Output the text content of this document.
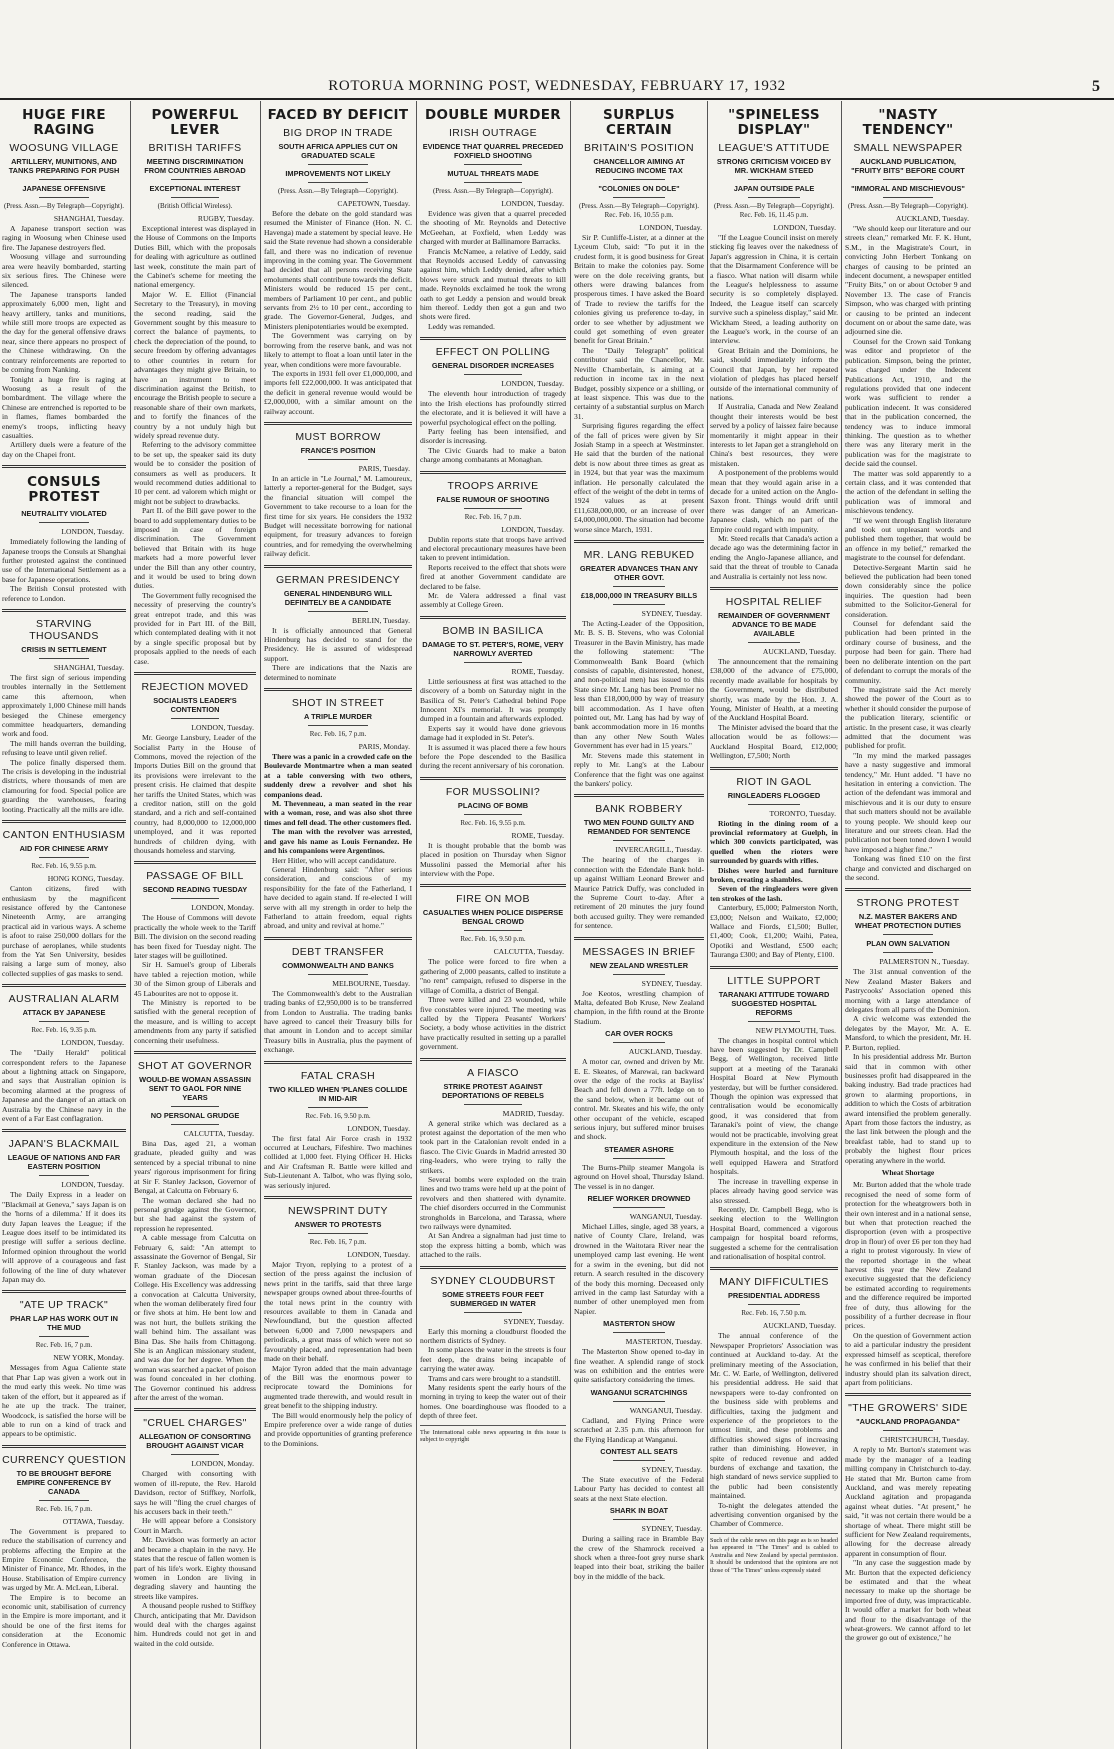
ROTORUA MORNING POST, WEDNESDAY, FEBRUARY 17, 1932	5
HUGE FIRE RAGING
WOOSUNG VILLAGE
ARTILLERY, MUNITIONS, AND TANKS PREPARING FOR PUSH
JAPANESE OFFENSIVE
(Press. Assn.—By Telegraph—Copyright).
SHANGHAI, Tuesday.

A Japanese transport section was raging in Woosung when Chinese used fire. The Japanese destroyers fled.

Woosung village and surrounding area were heavily bombarded, starting six serious fires. The Chinese were silenced.

The Japanese transports landed approximately 6,000 men, light and heavy artillery, tanks and munitions, while still more troops are expected as the day for the general offensive draws near, since there appears no prospect of the Chinese withdrawing. On the contrary reinforcements are reported to be coming from Nanking.

Tonight a huge fire is raging at Woosung as a result of the bombardment. The village where the Chinese are entrenched is reported to be in flames, flames bombarded the enemy's troops, inflicting heavy casualties.

Artillery duels were a feature of the day on the Chapei front.

CONSULS PROTEST
NEUTRALITY VIOLATED
LONDON, Tuesday.

Immediately following the landing of Japanese troops the Consuls at Shanghai further protested against the continued use of the International Settlement as a base for Japanese operations.

The British Consul protested with reference to London.

STARVING THOUSANDS
CRISIS IN SETTLEMENT
SHANGHAI, Tuesday.

The first sign of serious impending troubles internally in the Settlement came this afternoon, when approximately 1,000 Chinese mill hands besieged the Chinese emergency committee headquarters, demanding work and food.

The mill hands overran the building, refusing to leave until given relief.

The police finally dispersed them. The crisis is developing in the industrial districts, where thousands of men are clamouring for food. Special police are guarding the warehouses, fearing looting. Practically all the mills are idle.

CANTON ENTHUSIASM
AID FOR CHINESE ARMY
Rec. Feb. 16, 9.55 p.m.
HONG KONG, Tuesday.

Canton citizens, fired with enthusiasm by the magnificent resistance offered by the Cantonese Nineteenth Army, are arranging practical aid in various ways. A scheme is afoot to raise 250,000 dollars for the purchase of aeroplanes, while students from the Yat Sen University, besides raising a large sum of money, also collected supplies of gas masks to send.

AUSTRALIAN ALARM
ATTACK BY JAPANESE
Rec. Feb. 16, 9.35 p.m.
LONDON, Tuesday.

The "Daily Herald" political correspondent refers to the Japanese about a lightning attack on Singapore, and says that Australian opinion is becoming alarmed at the progress of Japanese and the danger of an attack on Australia by the Chinese navy in the event of a Far East conflagration.

JAPAN'S BLACKMAIL
LEAGUE OF NATIONS AND FAR EASTERN POSITION
LONDON, Tuesday.

The Daily Express in a leader on "Blackmail at Geneva," says Japan is on the 'horns of a dilemma.' If it does its duty Japan leaves the League; if the League does itself to be intimidated its prestige will suffer a serious decline. Informed opinion throughout the world will approve of a courageous and fast following of the line of duty whatever Japan may do.

"ATE UP TRACK"
PHAR LAP HAS WORK OUT IN THE MUD
Rec. Feb. 16, 7 p.m.
NEW YORK, Monday.

Messages from Agua Caliente state that Phar Lap was given a work out in the mud early this week. No time was taken of the effort, but it appeared as if he ate up the track. The trainer, Woodcock, is satisfied the horse will be able to run on a kind of track and appears to be optimistic.

CURRENCY QUESTION
TO BE BROUGHT BEFORE EMPIRE CONFERENCE BY CANADA
Rec. Feb. 16, 7 p.m.
OTTAWA, Tuesday.

The Government is prepared to reduce the stabilisation of currency and problems affecting the Empire at the Empire Economic Conference, the Minister of Finance, Mr. Rhodes, in the House. Stabilisation of Empire currency was urged by Mr. A. McLean, Liberal.

The Empire is to become an economic unit, stabilisation of currency in the Empire is more important, and it should be one of the first items for consideration at the Economic Conference in Ottawa.

POWERFUL LEVER
BRITISH TARIFFS
MEETING DISCRIMINATION FROM COUNTRIES ABROAD
EXCEPTIONAL INTEREST
(British Official Wireless).
RUGBY, Tuesday.

Exceptional interest was displayed in the House of Commons on the Imports Duties Bill, which with the proposals for dealing with agriculture as outlined last week, constitute the main part of the Cabinet's scheme for meeting the national emergency.

Major W. E. Elliot (Financial Secretary to the Treasury), in moving the second reading, said the Government sought by this measure to correct the balance of payments, to check the depreciation of the pound, to secure freedom by offering advantages to other countries in return for advantages they might give Britain, to have an instrument to meet discrimination against the British, to encourage the British people to secure a reasonable share of their own markets, and to fortify the finances of the country by a not unduly high but widely spread revenue duty.

Referring to the advisory committee to be set up, the speaker said its duty would be to consider the position of consumers as well as producers. It would recommend duties additional to 10 per cent. ad valorem which might or might not be subject to drawbacks.

Part II. of the Bill gave power to the board to add supplementary duties to be imposed in case of foreign discrimination. The Government believed that Britain with its huge markets had a more powerful lever under the Bill than any other country, and it would be used to bring down duties.

The Government fully recognised the necessity of preserving the country's great entrepot trade, and this was provided for in Part III. of the Bill, which contemplated dealing with it not by a single specific proposal but by proposals applied to the needs of each case.

REJECTION MOVED
SOCIALISTS LEADER'S CONTENTION
LONDON, Tuesday.

Mr. George Lansbury, Leader of the Socialist Party in the House of Commons, moved the rejection of the Imports Duties Bill on the ground that its provisions were irrelevant to the present crisis. He claimed that despite her tariffs the United States, which was a creditor nation, still on the gold standard, and a rich and self-contained country, had 8,000,000 to 12,000,000 unemployed, and it was reported hundreds of children dying, with thousands homeless and starving.

PASSAGE OF BILL
SECOND READING TUESDAY
LONDON, Monday.

The House of Commons will devote practically the whole week to the Tariff Bill. The division on the second reading has been fixed for Tuesday night. The later stages will be guillotined.

Sir H. Samuel's group of Liberals have tabled a rejection motion, while 30 of the Simon group of Liberals and 45 Labourites are not to oppose it.

The Ministry is reported to be satisfied with the general reception of the measure, and is willing to accept amendments from any party if satisfied concerning their usefulness.

SHOT AT GOVERNOR
WOULD-BE WOMAN ASSASSIN SENT TO GAOL FOR NINE YEARS
NO PERSONAL GRUDGE
CALCUTTA, Tuesday.

Bina Das, aged 21, a woman graduate, pleaded guilty and was sentenced by a special tribunal to nine years' rigorous imprisonment for firing at Sir F. Stanley Jackson, Governor of Bengal, at Calcutta on February 6.

The woman declared she had no personal grudge against the Governor, but she had against the system of repression he represented.

A cable message from Calcutta on February 6, said: "An attempt to assassinate the Governor of Bengal, Sir F. Stanley Jackson, was made by a woman graduate of the Diocesan College. His Excellency was addressing a convocation at Calcutta University, when the woman deliberately fired four or five shots at him. He bent low and was not hurt, the bullets striking the wall behind him. The assailant was Bina Das. She hails from Chittagong. She is an Anglican missionary student, and was due for her degree. When the woman was searched a packet of poison was found concealed in her clothing. The Governor continued his address after the arrest of the woman.

"CRUEL CHARGES"
ALLEGATION OF CONSORTING BROUGHT AGAINST VICAR
LONDON, Monday.

Charged with consorting with women of ill-repute, the Rev. Harold Davidson, rector of Stiffkey, Norfolk, says he will "fling the cruel charges of his accusers back in their teeth."

He will appear before a Consistory Court in March.

Mr. Davidson was formerly an actor and became a chaplain in the navy. He states that the rescue of fallen women is part of his life's work. Eighty thousand women in London are living in degrading slavery and haunting the streets like vampires.

A thousand people rushed to Stiffkey Church, anticipating that Mr. Davidson would deal with the charges against him. Hundreds could not get in and waited in the cold outside.

FACED BY DEFICIT
BIG DROP IN TRADE
SOUTH AFRICA APPLIES CUT ON GRADUATED SCALE
IMPROVEMENTS NOT LIKELY
(Press. Assn.—By Telegraph—Copyright).
CAPETOWN, Tuesday.

Before the debate on the gold standard was resumed the Minister of Finance (Hon. N. C. Havenga) made a statement by special leave. He said the State revenue had shown a considerable fall, and there was no indication of revenue improving in the coming year. The Government had decided that all persons receiving State emoluments shall contribute towards the deficit. Ministers would be reduced 15 per cent., members of Parliament 10 per cent., and public servants from 2½ to 10 per cent., according to grade. The Governor-General, Judges, and Ministers plenipotentiaries would be exempted.

The Government was carrying on by borrowing from the reserve bank, and was not likely to attempt to float a loan until later in the year, when conditions were more favourable.

The exports in 1931 fell over £1,000,000, and imports fell £22,000,000. It was anticipated that the deficit in general revenue would would be £2,000,000, with a similar amount on the railway account.

MUST BORROW
FRANCE'S POSITION
PARIS, Tuesday.

In an article in "Le Journal," M. Lamoureux, latterly a reporter-general for the Budget, says the financial situation will compel the Government to take recourse to a loan for the first time for six years. He considers the 1932 Budget will necessitate borrowing for national equipment, for treasury advances to foreign countries, and for remedying the overwhelming railway deficit.

GERMAN PRESIDENCY
GENERAL HINDENBURG WILL DEFINITELY BE A CANDIDATE
BERLIN, Tuesday.

It is officially announced that General Hindenburg has decided to stand for the Presidency. He is assured of widespread support.

There are indications that the Nazis are determined to nominate

SHOT IN STREET
A TRIPLE MURDER
Rec. Feb. 16, 7 p.m.
PARIS, Monday.

There was a panic in a crowded cafe on the Boulevarde Montmartre when a man seated at a table conversing with two others, suddenly drew a revolver and shot his companions dead.

M. Thevenneau, a man seated in the rear with a woman, rose, and was also shot three times and fell dead. The other customers fled.

The man with the revolver was arrested, and gave his name as Louis Fernandez. He and his companions were Argentinos.

Herr Hitler, who will accept candidature.

General Hindenburg said: "After serious consideration, and conscious of my responsibility for the fate of the Fatherland, I have decided to again stand. If re-elected I will serve with all my strength in order to help the Fatherland to attain freedom, equal rights abroad, and unity and revival at home."

DEBT TRANSFER
COMMONWEALTH AND BANKS
MELBOURNE, Tuesday.

The Commonwealth's debt to the Australian trading banks of £2,950,000 is to be transferred from London to Australia. The trading banks have agreed to cancel their Treasury bills for that amount in London and to accept similar Treasury bills in Australia, plus the payment of exchange.

FATAL CRASH
TWO KILLED WHEN 'PLANES COLLIDE IN MID-AIR
Rec. Feb. 16, 9.50 p.m.
LONDON, Tuesday.

The first fatal Air Force crash in 1932 occurred at Leuchars, Fifeshire. Two machines collided at 1,000 feet. Flying Officer H. Hicks and Air Craftsman R. Battle were killed and Sub-Lieutenant A. Talbot, who was flying solo, was seriously injured.

NEWSPRINT DUTY
ANSWER TO PROTESTS
Rec. Feb. 16, 7 p.m.
LONDON, Tuesday.

Major Tryon, replying to a protest of a section of the press against the inclusion of news print in the tariffs, said that three large newspaper groups owned about three-fourths of the total news print in the country with resources available to them in Canada and Newfoundland, but the question affected between 6,000 and 7,000 newspapers and periodicals, a great mass of which were not so favourably placed, and representation had been made on their behalf.

Major Tyron added that the main advantage of the Bill was the enormous power to reciprocate toward the Dominions for augmented trade therewith, and would result in great benefit to the shipping industry.

The Bill would enormously help the policy of Empire preference over a wide range of duties and provide opportunities of granting preference to the Dominions.

DOUBLE MURDER
IRISH OUTRAGE
EVIDENCE THAT QUARREL PRECEDED FOXFIELD SHOOTING
MUTUAL THREATS MADE
(Press. Assn.—By Telegraph—Copyright).
LONDON, Tuesday.

Evidence was given that a quarrel preceded the shooting of Mr. Reynolds and Detective McGeehan, at Foxfield, when Leddy was charged with murder at Ballinamore Barracks.

Francis McNamee, a relative of Leddy, said that Reynolds accused Leddy of canvassing against him, which Leddy denied, after which blows were struck and mutual threats to kill made. Reynolds exclaimed he took the wrong oath to get Leddy a pension and would break him thereof. Leddy then got a gun and two shots were fired.

Leddy was remanded.

EFFECT ON POLLING
GENERAL DISORDER INCREASES
LONDON, Tuesday.

The eleventh hour introduction of tragedy into the Irish elections has profoundly stirred the electorate, and it is believed it will have a powerful psychological effect on the polling.

Party feeling has been intensified, and disorder is increasing.

The Civic Guards had to make a baton charge among combatants at Monaghan.

TROOPS ARRIVE
FALSE RUMOUR OF SHOOTING
Rec. Feb. 16, 7 p.m.
LONDON, Tuesday.

Dublin reports state that troops have arrived and electoral precautionary measures have been taken to prevent intimidation.

Reports received to the effect that shots were fired at another Government candidate are declared to be false.

Mr. de Valera addressed a final vast assembly at College Green.

BOMB IN BASILICA
DAMAGE TO ST. PETER'S, ROME, VERY NARROWLY AVERTED
ROME, Tuesday.

Little seriousness at first was attached to the discovery of a bomb on Saturday night in the Basilica of St. Peter's Cathedral behind Pope Innocent XI's memorial. It was promptly dumped in a fountain and afterwards exploded.

Experts say it would have done grievous damage had it exploded in St. Peter's.

It is assumed it was placed there a few hours before the Pope descended to the Basilica during the recent anniversary of his coronation.

FOR MUSSOLINI?
PLACING OF BOMB
Rec. Feb. 16, 9.55 p.m.
ROME, Tuesday.

It is thought probable that the bomb was placed in position on Thursday when Signor Mussolini passed the Memorial after his interview with the Pope.

FIRE ON MOB
CASUALTIES WHEN POLICE DISPERSE BENGAL CROWD
Rec. Feb. 16, 9.50 p.m.
CALCUTTA, Tuesday.

The police were forced to fire when a gathering of 2,000 peasants, called to institute a "no rent" campaign, refused to disperse in the village of Comilla, a district of Bengal.

Three were killed and 23 wounded, while five constables were injured. The meeting was called by the Tippera Peasants' Workers' Society, a body whose activities in the district have practically resulted in setting up a parallel government.

A FIASCO
STRIKE PROTEST AGAINST DEPORTATIONS OF REBELS
MADRID, Tuesday.

A general strike which was declared as a protest against the deportation of the men who took part in the Catalonian revolt ended in a fiasco. The Civic Guards in Madrid arrested 30 ring-leaders, who were trying to rally the strikers.

Several bombs were exploded on the train lines and two trams were held up at the point of revolvers and then shattered with dynamite. The chief disorders occurred in the Communist strongholds in Barcelona, and Tarassa, where two railways were dynamited.

At San Andrea a signalman had just time to stop the express hitting a bomb, which was attached to the rails.

SYDNEY CLOUDBURST
SOME STREETS FOUR FEET SUBMERGED IN WATER
SYDNEY, Tuesday.

Early this morning a cloudburst flooded the northern districts of Sydney.

In some places the water in the streets is four feet deep, the drains being incapable of carrying the water away.

Trams and cars were brought to a standstill.

Many residents spent the early hours of the morning in trying to keep the water out of their homes. One boardinghouse was flooded to a depth of three feet.

The International cable news appearing in this issue is subject to copyright
SURPLUS CERTAIN
BRITAIN'S POSITION
CHANCELLOR AIMING AT REDUCING INCOME TAX
"COLONIES ON DOLE"
(Press. Assn.—By Telegraph—Copyright). Rec. Feb. 16, 10.55 p.m.
LONDON, Tuesday.

Sir P. Cunliffe-Lister, at a dinner at the Lyceum Club, said: "To put it in the crudest form, it is good business for Great Britain to make the colonies pay. Some were on the dole receiving grants, but others were drawing balances from prosperous times. I have asked the Board of Trade to review the tariffs for the colonies giving us preference to-day, in order to see whether by adjustment we could get something of even greater benefit for Great Britain."

The "Daily Telegraph" political contributor said the Chancellor, Mr. Neville Chamberlain, is aiming at a reduction in income tax in the next Budget, possibly sixpence or a shilling, or at least sixpence. This was due to the certainty of a substantial surplus on March 31.

Surprising figures regarding the effect of the fall of prices were given by Sir Josiah Stamp in a speech at Westminster. He said that the burden of the national debt is now about three times as great as in 1924, but that year was the maximum inflation. He personally calculated the effect of the weight of the debt in terms of 1924 values as at present £11,638,000,000, or an increase of over £4,000,000,000. The situation had become worse since March, 1931.

MR. LANG REBUKED
GREATER ADVANCES THAN ANY OTHER GOVT.
£18,000,000 IN TREASURY BILLS
SYDNEY, Tuesday.

The Acting-Leader of the Opposition, Mr. B. S. B. Stevens, who was Colonial Treasurer in the Bavin Ministry, has made the following statement: "The Commonwealth Bank Board (which consists of capable, disinterested, honest, and non-political men) has issued to this State since Mr. Lang has been Premier no less than £18,000,000 by way of treasury bill accommodation. As I have often pointed out, Mr. Lang has had by way of bank accommodation more in 16 months than any other New South Wales Government has ever had in 15 years."

Mr. Stevens made this statement in reply to Mr. Lang's at the Labour Conference that the fight was one against the bankers' policy.

BANK ROBBERY
TWO MEN FOUND GUILTY AND REMANDED FOR SENTENCE
INVERCARGILL, Tuesday.

The hearing of the charges in connection with the Edendale Bank hold-up against William Leonard Brewer and Maurice Patrick Duffy, was concluded in the Supreme Court to-day. After a retirement of 20 minutes the jury found both accused guilty. They were remanded for sentence.

MESSAGES IN BRIEF
NEW ZEALAND WRESTLER
SYDNEY, Tuesday.

Joe Keotos, wrestling champion of Malta, defeated Bob Kruse, New Zealand champion, in the fifth round at the Bronte Stadium.

CAR OVER ROCKS
AUCKLAND, Tuesday.

A motor car, owned and driven by Mr. E. E. Skeates, of Marewai, ran backward over the edge of the rocks at Bayliss' Beach and fell down a 77ft. ledge on to the sand below, when it became out of control. Mr. Skeates and his wife, the only other occupant of the vehicle, escaped serious injury, but suffered minor bruises and shock.

STEAMER ASHORE

The Burns-Philp steamer Mangola is aground on Hovel shoal, Thursday Island. The vessel is in no danger.

RELIEF WORKER DROWNED
WANGANUI, Tuesday.

Michael Lilles, single, aged 38 years, a native of County Clare, Ireland, was drowned in the Waitotara River near the unemployed camp last evening. He went for a swim in the evening, but did not return. A search resulted in the discovery of the body this morning. Deceased only arrived in the camp last Saturday with a number of other unemployed men from Napier.

MASTERTON SHOW
MASTERTON, Tuesday.

The Masterton Show opened to-day in fine weather. A splendid range of stock was on exhibition and the entries were quite satisfactory considering the times.

WANGANUI SCRATCHINGS
WANGANUI, Tuesday.

Cadland, and Flying Prince were scratched at 2.35 p.m. this afternoon for the Flying Handicap at Wanganui.

CONTEST ALL SEATS
SYDNEY, Tuesday.

The State executive of the Federal Labour Party has decided to contest all seats at the next State election.

SHARK IN BOAT
SYDNEY, Tuesday.

During a sailing race in Bramble Bay the crew of the Shamrock received a shock when a three-foot grey nurse shark leaped into their boat, striking the bailer boy in the middle of the back.

"SPINELESS DISPLAY"
LEAGUE'S ATTITUDE
STRONG CRITICISM VOICED BY MR. WICKHAM STEED
JAPAN OUTSIDE PALE
(Press. Assn.—By Telegraph—Copyright). Rec. Feb. 16, 11.45 p.m.
LONDON, Tuesday.

"If the League Council insist on merely sticking fig leaves over the nakedness of Japan's aggression in China, it is certain that the Disarmament Conference will be a fiasco. What nation will disarm while the League's helplessness to assume security is so completely displayed. Indeed, the League itself can scarcely survive such a spineless display," said Mr. Wickham Steed, a leading authority on the League's work, in the course of an interview.

Great Britain and the Dominions, he said, should immediately inform the Council that Japan, by her repeated violation of pledges has placed herself outside of the international community of nations.

If Australia, Canada and New Zealand thought their interests would be best served by a policy of laissez faire because momentarily it might appear in their interests to let Japan get a stranglehold on China's best resources, they were mistaken.

A postponement of the problems would mean that they would again arise in a decade for a united action on the Anglo-Saxon front. Things would drift until there was danger of an American-Japanese clash, which no part of the Empire could regard with impunity.

Mr. Steed recalls that Canada's action a decade ago was the determining factor in ending the Anglo-Japanese alliance, and said that the threat of trouble to Canada and Australia is certainly not less now.

HOSPITAL RELIEF
REMAINDER OF GOVERNMENT ADVANCE TO BE MADE AVAILABLE
AUCKLAND, Tuesday.

The announcement that the remaining £38,000 of the advance of £75,000, recently made available for hospitals by the Government, would be distributed shortly, was made by the Hon. J. A. Young, Minister of Health, at a meeting of the Auckland Hospital Board.

The Minister advised the board that the allocation would be as follows:—Auckland Hospital Board, £12,000; Wellington, £7,500; North

RIOT IN GAOL
RINGLEADERS FLOGGED
TORONTO, Tuesday.

Rioting in the dining room of a provincial reformatory at Guelph, in which 300 convicts participated, was quelled when the rioters were surrounded by guards with rifles.

Dishes were hurled and furniture broken, creating a shambles.

Seven of the ringleaders were given ten strokes of the lash.

Canterbury, £5,000; Palmerston North, £3,000; Nelson and Waikato, £2,000; Wallace and Fiords, £1,500; Buller, £1,400; Cook, £1,200; Waihi, Patea, Opotiki and Westland, £500 each; Tauranga £300; and Bay of Plenty, £100.

LITTLE SUPPORT
TARANAKI ATTITUDE TOWARD SUGGESTED HOSPITAL REFORMS
NEW PLYMOUTH, Tues.

The changes in hospital control which have been suggested by Dr. Campbell Begg, of Wellington, received little support at a meeting of the Taranaki Hospital Board at New Plymouth yesterday, but will be further considered. Though the opinion was expressed that centralisation would be economically good, it was considered that from Taranaki's point of view, the change would not be practicable, involving great expenditure in the extension of the New Plymouth hospital, and the loss of the well equipped Hawera and Stratford hospitals.

The increase in travelling expense in places already having good service was also stressed.

Recently, Dr. Campbell Begg, who is seeking election to the Wellington Hospital Board, commenced a vigorous campaign for hospital board reforms, suggested a scheme for the centralisation and rationalisation of hospital control.

MANY DIFFICULTIES
PRESIDENTIAL ADDRESS
Rec. Feb. 16, 7.50 p.m.
AUCKLAND, Tuesday.

The annual conference of the Newspaper Proprietors' Association was continued at Auckland to-day. At the preliminary meeting of the Association, Mr. C. W. Earle, of Wellington, delivered his presidential address. He said that newspapers were to-day confronted on the business side with problems and difficulties, taxing the judgment and experience of the proprietors to the utmost limit, and these problems and difficulties showed signs of increasing rather than diminishing. However, in spite of reduced revenue and added burdens of exchange and taxation, the high standard of news service supplied to the public had been consistently maintained.

To-night the delegates attended the advertising convention organised by the Chamber of Commerce.

Such of the cable news on this page as is so headed has appeared in "The Times" and is cabled to Australia and New Zealand by special permission. It should be understood that the opinions are not those of "The Times" unless expressly stated
"NASTY TENDENCY"
SMALL NEWSPAPER
AUCKLAND PUBLICATION, "FRUITY BITS" BEFORE COURT
"IMMORAL AND MISCHIEVOUS"
(Press. Assn.—By Telegraph—Copyright).
AUCKLAND, Tuesday.

"We should keep our literature and our streets clean," remarked Mr. F. K. Hunt, S.M., in the Magistrate's Court, in convicting John Herbert Tonkang on charges of causing to be printed an indecent document, a newspaper entitled "Fruity Bits," on or about October 9 and November 13. The case of Francis Simpson, who was charged with printing or causing to be printed an indecent document on or about the same date, was adjourned sine die.

Counsel for the Crown said Tonkang was editor and proprietor of the publication. Simpson, being the printer, was charged under the Indecent Publications Act, 1910, and the regulations provided that one indecent work was sufficient to render a publication indecent. It was considered that in the publication concerned, the tendency was to induce immoral thinking. The question as to whether there was any literary merit in the publication was for the magistrate to decide said the counsel.

The matter was sold apparently to a certain class, and it was contended that the action of the defendant in selling the publication was of immoral and mischievous tendency.

"If we went through English literature and took out unpleasant words and published them together, that would be an offence in my belief," remarked the magistrate to the counsel for defendant.

Detective-Sergeant Martin said he believed the publication had been toned down considerably since the police inquiries. The question had been submitted to the Solicitor-General for consideration.

Counsel for defendant said the publication had been printed in the ordinary course of business, and the purpose had been for gain. There had been no deliberate intention on the part of defendant to corrupt the morals of the community.

The magistrate said the Act merely showed the power of the Court as to whether it should consider the purpose of the publication literary, scientific or artistic. In the present case, it was clearly admitted that the document was published for profit.

"In my mind the marked passages have a nasty suggestive and immoral tendency," Mr. Hunt added. "I have no hesitation in entering a conviction. The action of the defendant was immoral and mischievous and it is our duty to ensure that such matters should not be available to young people. We should keep our literature and our streets clean. Had the publication not been toned down I would have imposed a higher fine."

Tonkang was fined £10 on the first charge and convicted and discharged on the second.

STRONG PROTEST
N.Z. MASTER BAKERS AND WHEAT PROTECTION DUTIES
PLAN OWN SALVATION
PALMERSTON N., Tuesday.

The 31st annual convention of the New Zealand Master Bakers and Pastrycooks' Association opened this morning with a large attendance of delegates from all parts of the Dominion.

A civic welcome was extended the delegates by the Mayor, Mr. A. E. Mansford, to which the president, Mr. H. P. Burton, replied.

In his presidential address Mr. Burton said that in common with other businesses profit had disappeared in the baking industry. Bad trade practices had grown to alarming proportions, in addition to which the Costs of arbitration award intensified the problem generally. Apart from those factors the industry, as the last link between the plough and the breakfast table, had to stand up to probably the highest flour prices operating anywhere in the world.

Wheat Shortage

Mr. Burton added that the whole trade recognised the need of some form of protection for the wheatgrowers both in their own interest and in a national sense, but when that protection reached the disproportion (even with a prospective drop in flour) of over £6 per ton they had a right to protest vigorously. In view of the reported shortage in the wheat harvest this year the New Zealand executive suggested that the deficiency be estimated according to requirements and the difference required be imported free of duty, thus allowing for the possibility of a further decrease in flour prices.

On the question of Government action to aid a particular industry the president expressed himself as sceptical, therefore he was confirmed in his belief that their industry should plan its salvation direct, apart from politicians.

"THE GROWERS' SIDE
"AUCKLAND PROPAGANDA"
CHRISTCHURCH, Tuesday.

A reply to Mr. Burton's statement was made by the manager of a leading milling company in Christchurch to-day. He stated that Mr. Burton came from Auckland, and was merely repeating Auckland agitation and propaganda against wheat duties. "At present," he said, "it was not certain there would be a shortage of wheat. There might still be sufficient for New Zealand requirements, allowing for the decrease already apparent in consumption of flour.

"In any case the suggestion made by Mr. Burton that the expected deficiency be estimated and that the wheat necessary to make up the shortage be imported free of duty, was impracticable. It would offer a market for both wheat and flour to the disadvantage of the wheat-growers. We cannot afford to let the grower go out of existence," he
